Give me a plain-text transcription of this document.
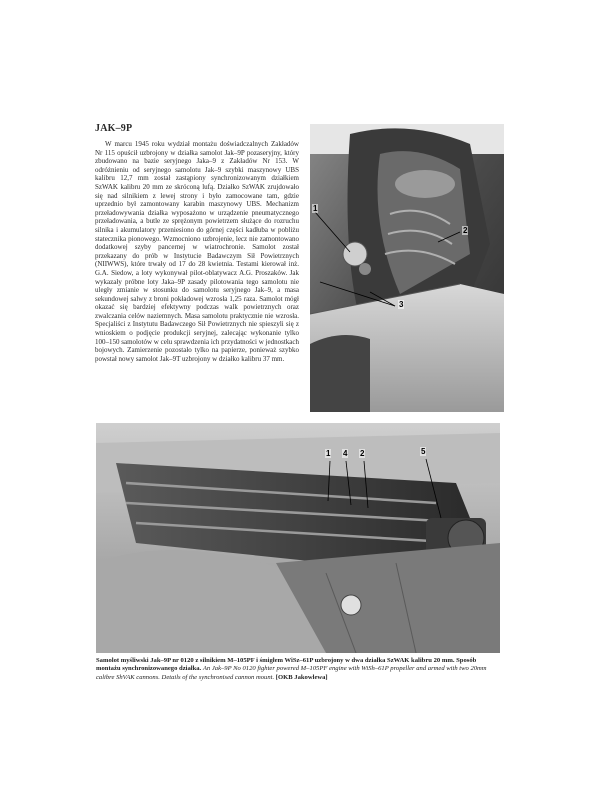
JAK–9P

W marcu 1945 roku wydział montażu doświadczalnych Zakładów Nr 115 opuścił uzbrojony w działka samolot Jak–9P pozaseryjny, który zbudowano na bazie seryjnego Jaka–9 z Zakładów Nr 153. W odróżnieniu od seryjnego samolotu Jak–9 szybki maszynowy UBS kalibru 12,7 mm został zastąpiony synchronizowanym działkiem SzWAK kalibru 20 mm ze skróconą lufą. Działko SzWAK zrujdowało się nad silnikiem z lewej strony i było zamocowane tam, gdzie uprzednio był zamontowany karabin maszynowy UBS. Mechanizm przeładowywania działka wyposażono w urządzenie pneumatycznego przeładowania, a butle ze sprężonym powietrzem służące do rozruchu silnika i akumulatory przeniesiono do górnej części kadłuba w pobliżu statecznika pionowego. Wzmocniono uzbrojenie, lecz nie zamontowano dodatkowej szyby pancernej w wiatrochronie. Samolot został przekazany do prób w Instytucie Badawczym Sił Powietrznych (NIIWWS), które trwały od 17 do 28 kwietnia. Testami kierował inż. G.A. Siedow, a loty wykonywał pilot-oblatywacz A.G. Proszaków. Jak wykazały próbne loty Jaka–9P zasady pilotowania tego samolotu nie uległy zmianie w stosunku do samolotu seryjnego Jak–9, a masa sekundowej salwy z broni pokładowej wzrosła 1,25 raza. Samolot mógł okazać się bardziej efektywny podczas walk powietrznych oraz zwalczania celów naziemnych. Masa samolotu praktycznie nie wzrosła. Specjaliści z Instytutu Badawczego Sił Powietrznych nie spieszyli się z wnioskiem o podjęcie produkcji seryjnej, zalecając wykonanie tylko 100–150 samolotów w celu sprawdzenia ich przydatności w jednostkach bojowych. Zamierzenie pozostało tylko na papierze, ponieważ szybko powstał nowy samolot Jak–9T uzbrojony w działko kalibru 37 mm.

1
2
3
1 4 2	5
Samolot myśliwski Jak–9P nr 0120 z silnikiem M–105PF i śmigłem WiSz–61P uzbrojony w dwa działka SzWAK kalibru 20 mm. Sposób montażu synchronizowanego działka. An Jak–9P No 0120 fighter powered M–105PF engine with WiSh–61P propeller and armed with two 20mm calibre ShVAK cannons. Details of the synchronised cannon mount. [OKB Jakowlewa]
